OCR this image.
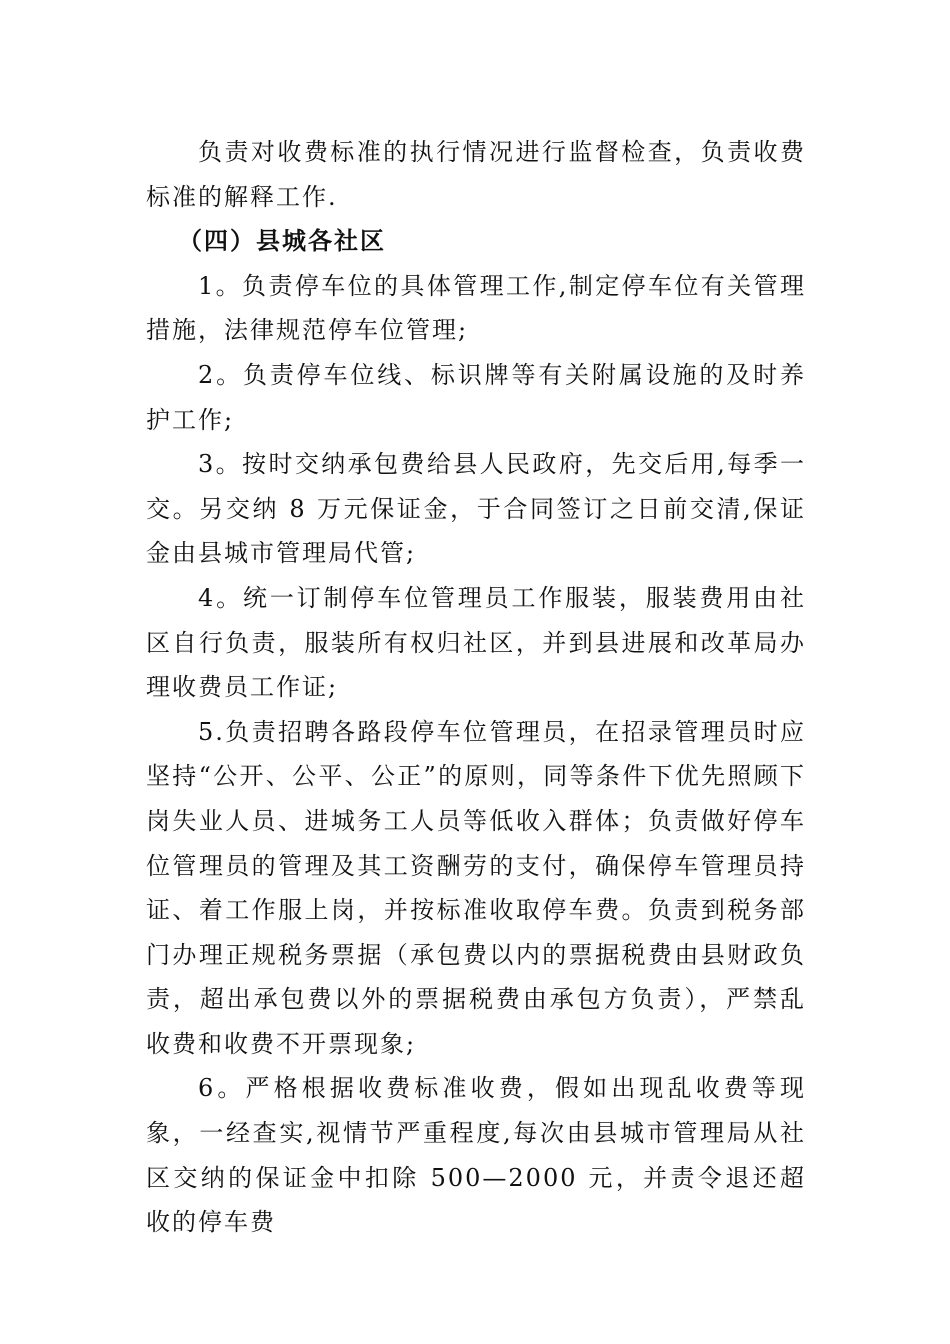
负责对收费标准的执行情况进行监督检查，负责收费标准的解释工作.

（四）县城各社区

1。负责停车位的具体管理工作,制定停车位有关管理措施，法律规范停车位管理;

2。负责停车位线、标识牌等有关附属设施的及时养护工作;

3。按时交纳承包费给县人民政府，先交后用,每季一交。另交纳 8 万元保证金，于合同签订之日前交清,保证金由县城市管理局代管;

4。统一订制停车位管理员工作服装，服装费用由社区自行负责，服装所有权归社区，并到县进展和改革局办理收费员工作证;

5.负责招聘各路段停车位管理员，在招录管理员时应坚持“公开、公平、公正”的原则，同等条件下优先照顾下岗失业人员、进城务工人员等低收入群体；负责做好停车位管理员的管理及其工资酬劳的支付，确保停车管理员持证、着工作服上岗，并按标准收取停车费。负责到税务部门办理正规税务票据（承包费以内的票据税费由县财政负责，超出承包费以外的票据税费由承包方负责），严禁乱收费和收费不开票现象;

6。严格根据收费标准收费，假如出现乱收费等现象，一经查实,视情节严重程度,每次由县城市管理局从社区交纳的保证金中扣除 500—2000 元，并责令退还超收的停车费
